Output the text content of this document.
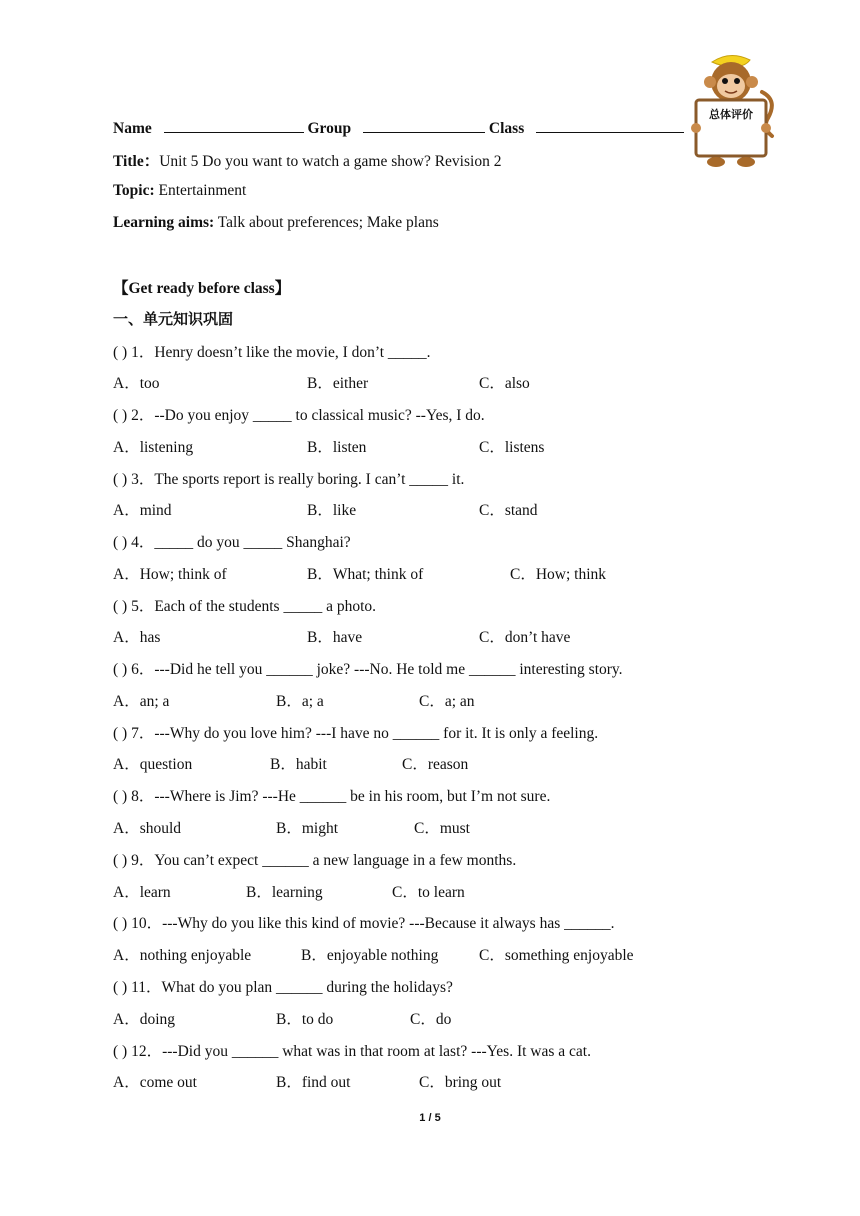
Name	Group	Class
Title：Unit 5 Do you want to watch a game show? Revision 2
Topic: Entertainment
Learning aims: Talk about preferences; Make plans
总体评价
【Get ready before class】
一、单元知识巩固
( ) 1．Henry doesn’t like the movie, I don’t _____.
A．too	B．either	C．also
( ) 2．--Do you enjoy _____ to classical music? --Yes, I do.
A．listening	B．listen	C．listens
( ) 3．The sports report is really boring. I can’t _____ it.
A．mind	B．like	C．stand
( ) 4．_____ do you _____ Shanghai?
A．How; think of	B．What; think of	C．How; think
( ) 5．Each of the students _____ a photo.
A．has	B．have	C．don’t have
( ) 6．---Did he tell you ______ joke? ---No. He told me ______ interesting story.
A．an; a	B．a; a	C．a; an
( ) 7．---Why do you love him? ---I have no ______ for it. It is only a feeling.
A．question	B．habit	C．reason
( ) 8．---Where is Jim? ---He ______ be in his room, but I’m not sure.
A．should	B．might	C．must
( ) 9．You can’t expect ______ a new language in a few months.
A．learn	B．learning	C．to learn
( ) 10．---Why do you like this kind of movie? ---Because it always has ______.
A．nothing enjoyable	B．enjoyable nothing	C．something enjoyable
( ) 11．What do you plan ______ during the holidays?
A．doing	B．to do	C．do
( ) 12．---Did you ______ what was in that room at last? ---Yes. It was a cat.
A．come out	B．find out	C．bring out
1 / 5
